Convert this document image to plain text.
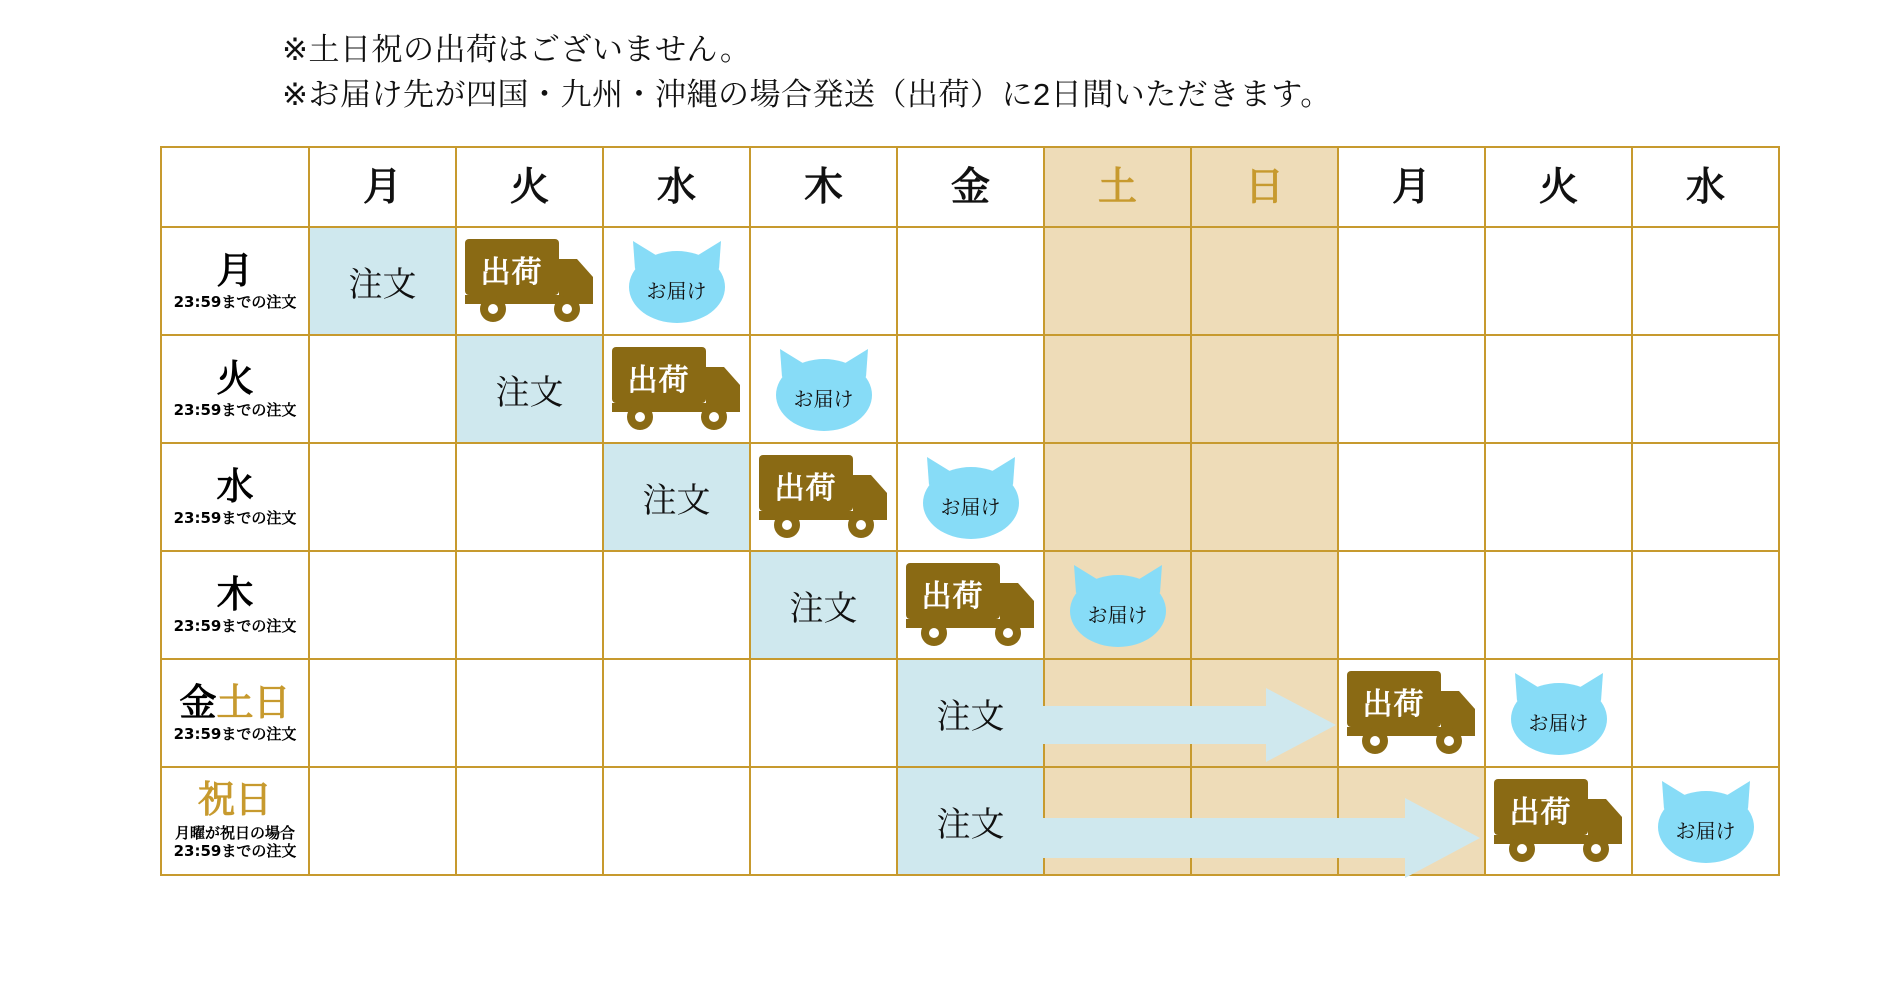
※土日祝の出荷はございません。
※お届け先が四国・九州・沖縄の場合発送（出荷）に2日間いただきます。
	月	火	水	木	金	土	日	月	火	水

月
23:59までの注文	注文	出荷	お届け							

火
23:59までの注文		注文	出荷	お届け						

水
23:59までの注文			注文	出荷	お届け					

木
23:59までの注文				注文	出荷	お届け				

金土日
23:59までの注文					注文			出荷	お届け	

祝日
月曜が祝日の場合
23:59までの注文					注文				出荷	お届け
